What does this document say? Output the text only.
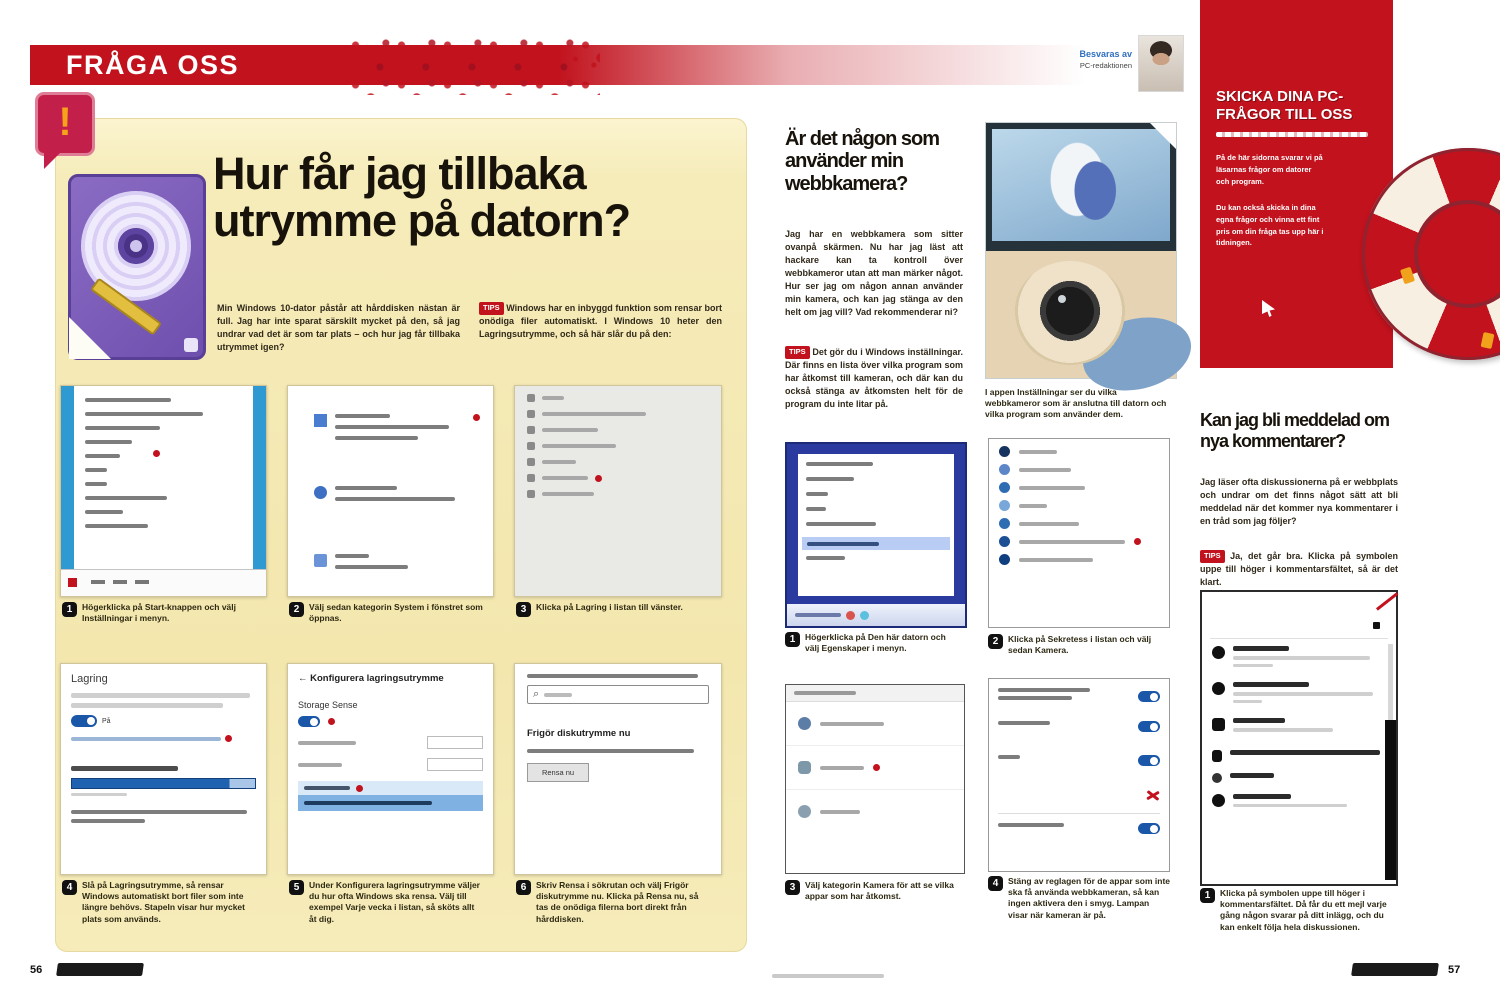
FRÅGA OSS	Besvaras av
PC-redaktionen
SKICKA DINA PC-FRÅGOR TILL OSS

På de här sidorna svarar vi på läsarnas frågor om datorer och program.

Du kan också skicka in dina egna frågor och vinna ett fint pris om din fråga tas upp här i tidningen.

!
Hur får jag tillbaka utrymme på datorn?
Min Windows 10-dator påstår att hårddisken nästan är full. Jag har inte sparat särskilt mycket på den, så jag undrar vad det är som tar plats – och hur jag får tillbaka utrymmet igen?
TIPS Windows har en inbyggd funktion som rensar bort onödiga filer automatiskt. I Windows 10 heter den Lagringsutrymme, och så här slår du på den:
1	Högerklicka på Start-knappen och välj Inställningar i menyn.
2	Välj sedan kategorin System i fönstret som öppnas.
3	Klicka på Lagring i listan till vänster.
Lagring
På
← Konfigurera lagringsutrymme
Storage Sense
⌕
Frigör diskutrymme nu
Rensa nu
4	Slå på Lagringsutrymme, så rensar Windows automatiskt bort filer som inte längre behövs. Stapeln visar hur mycket plats som används.
5	Under Konfigurera lagringsutrymme väljer du hur ofta Windows ska rensa. Välj till exempel Varje vecka i listan, så sköts allt åt dig.
6	Skriv Rensa i sökrutan och välj Frigör diskutrymme nu. Klicka på Rensa nu, så tas de onödiga filerna bort direkt från hårddisken.
Är det någon som använder min webbkamera?
Jag har en webbkamera som sitter ovanpå skärmen. Nu har jag läst att hackare kan ta kontroll över webbkameror utan att man märker något. Hur ser jag om någon annan använder min kamera, och kan jag stänga av den helt om jag vill? Vad rekommenderar ni?
TIPS Det gör du i Windows inställningar. Där finns en lista över vilka program som har åtkomst till kameran, och där kan du också stänga av åtkomsten helt för de program du inte litar på.
I appen Inställningar ser du vilka webbkameror som är anslutna till datorn och vilka program som använder dem.
1	Högerklicka på Den här datorn och välj Egenskaper i menyn.
2	Klicka på Sekretess i listan och välj sedan Kamera.
3	Välj kategorin Kamera för att se vilka appar som har åtkomst.
4	Stäng av reglagen för de appar som inte ska få använda webbkameran, så kan ingen aktivera den i smyg. Lampan visar när kameran är på.
Kan jag bli meddelad om nya kommentarer?
Jag läser ofta diskussionerna på er webbplats och undrar om det finns något sätt att bli meddelad när det kommer nya kommentarer i en tråd som jag följer?
TIPS Ja, det går bra. Klicka på symbolen uppe till höger i kommentarsfältet, så är det klart.
1	Klicka på symbolen uppe till höger i kommentarsfältet. Då får du ett mejl varje gång någon svarar på ditt inlägg, och du kan enkelt följa hela diskussionen.
56	57
